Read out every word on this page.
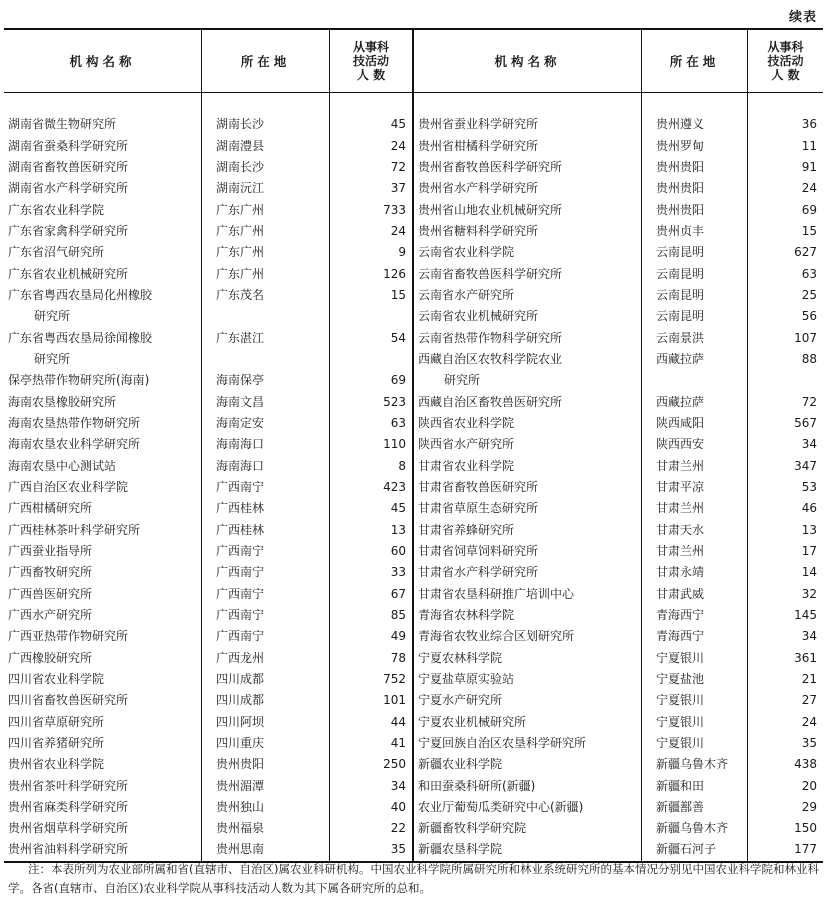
续表
机构名称	所在地
从事科
技活动
人 数
机构名称	所在地
从事科
技活动
人 数
湖南省微生物研究所	湖南长沙	45
湖南省蚕桑科学研究所	湖南澧县	24
湖南省畜牧兽医研究所	湖南长沙	72
湖南省水产科学研究所	湖南沅江	37
广东省农业科学院	广东广州	733
广东省家禽科学研究所	广东广州	24
广东省沼气研究所	广东广州	9
广东省农业机械研究所	广东广州	126
广东省粤西农垦局化州橡胶	广东茂名	15
研究所
广东省粤西农垦局徐闻橡胶	广东湛江	54
研究所
保亭热带作物研究所(海南)	海南保亭	69
海南农垦橡胶研究所	海南文昌	523
海南农垦热带作物研究所	海南定安	63
海南农垦农业科学研究所	海南海口	110
海南农垦中心测试站	海南海口	8
广西自治区农业科学院	广西南宁	423
广西柑橘研究所	广西桂林	45
广西桂林茶叶科学研究所	广西桂林	13
广西蚕业指导所	广西南宁	60
广西畜牧研究所	广西南宁	33
广西兽医研究所	广西南宁	67
广西水产研究所	广西南宁	85
广西亚热带作物研究所	广西南宁	49
广西橡胶研究所	广西龙州	78
四川省农业科学院	四川成都	752
四川省畜牧兽医研究所	四川成都	101
四川省草原研究所	四川阿坝	44
四川省养猪研究所	四川重庆	41
贵州省农业科学院	贵州贵阳	250
贵州省茶叶科学研究所	贵州湄潭	34
贵州省麻类科学研究所	贵州独山	40
贵州省烟草科学研究所	贵州福泉	22
贵州省油料科学研究所	贵州思南	35
贵州省蚕业科学研究所	贵州遵义	36
贵州省柑橘科学研究所	贵州罗甸	11
贵州省畜牧兽医科学研究所	贵州贵阳	91
贵州省水产科学研究所	贵州贵阳	24
贵州省山地农业机械研究所	贵州贵阳	69
贵州省糖料科学研究所	贵州贞丰	15
云南省农业科学院	云南昆明	627
云南省畜牧兽医科学研究所	云南昆明	63
云南省水产研究所	云南昆明	25
云南省农业机械研究所	云南昆明	56
云南省热带作物科学研究所	云南景洪	107
西藏自治区农牧科学院农业	西藏拉萨	88
研究所
西藏自治区畜牧兽医研究所	西藏拉萨	72
陕西省农业科学院	陕西咸阳	567
陕西省水产研究所	陕西西安	34
甘肃省农业科学院	甘肃兰州	347
甘肃省畜牧兽医研究所	甘肃平凉	53
甘肃省草原生态研究所	甘肃兰州	46
甘肃省养蜂研究所	甘肃天水	13
甘肃省饲草饲料研究所	甘肃兰州	17
甘肃省水产科学研究所	甘肃永靖	14
甘肃省农垦科研推广培训中心	甘肃武威	32
青海省农林科学院	青海西宁	145
青海省农牧业综合区划研究所	青海西宁	34
宁夏农林科学院	宁夏银川	361
宁夏盐草原实验站	宁夏盐池	21
宁夏水产研究所	宁夏银川	27
宁夏农业机械研究所	宁夏银川	24
宁夏回族自治区农垦科学研究所	宁夏银川	35
新疆农业科学院	新疆乌鲁木齐	438
和田蚕桑科研所(新疆)	新疆和田	20
农业厅葡萄瓜类研究中心(新疆)	新疆鄯善	29
新疆畜牧科学研究院	新疆乌鲁木齐	150
新疆农垦科学院	新疆石河子	177
注：本表所列为农业部所属和省(直辖市、自治区)属农业科研机构。中国农业科学院所属研究所和林业系统研究所的基本情况分别见中国农业科学院和林业科学。各省(直辖市、自治区)农业科学院从事科技活动人数为其下属各研究所的总和。
